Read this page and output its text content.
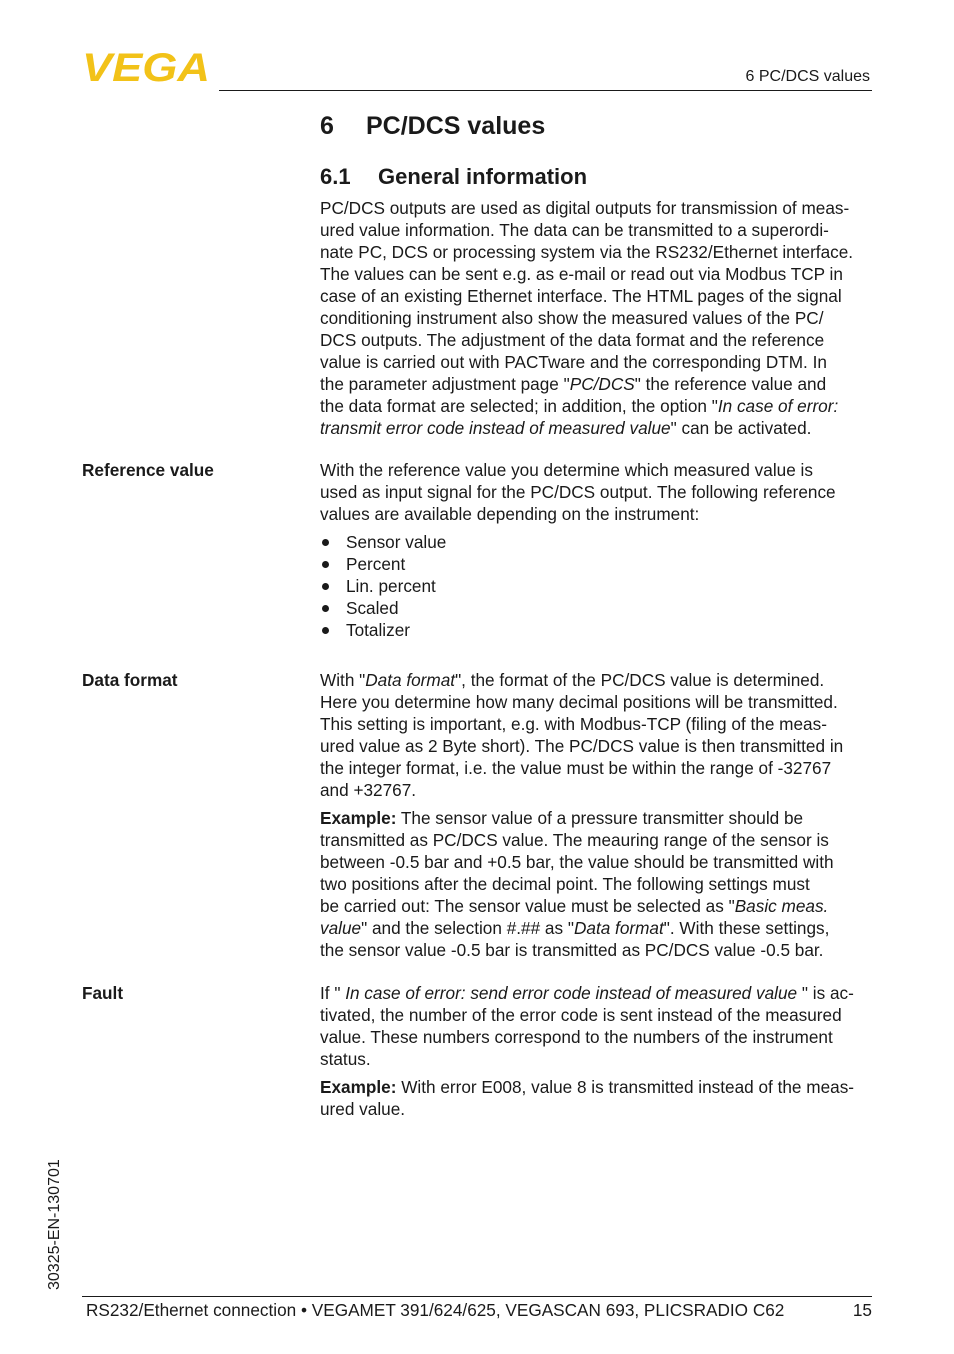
VEGA	6 PC/DCS values
6 PC/DCS values
6.1 General information
PC/DCS outputs are used as digital outputs for transmission of meas-
ured value information. The data can be transmitted to a superordi-
nate PC, DCS or processing system via the RS232/Ethernet interface.
The values can be sent e.g. as e-mail or read out via Modbus TCP in
case of an existing Ethernet interface. The HTML pages of the signal
conditioning instrument also show the measured values of the PC/
DCS outputs. The adjustment of the data format and the reference
value is carried out with PACTware and the corresponding DTM. In
the parameter adjustment page "PC/DCS" the reference value and
the data format are selected; in addition, the option "In case of error:
transmit error code instead of measured value" can be activated.
Reference value	With the reference value you determine which measured value is
used as input signal for the PC/DCS output. The following reference
values are available depending on the instrument:
Sensor value
Percent
Lin. percent
Scaled
Totalizer
Data format	With "Data format", the format of the PC/DCS value is determined.
Here you determine how many decimal positions will be transmitted.
This setting is important, e.g. with Modbus-TCP (filing of the meas-
ured value as 2 Byte short). The PC/DCS value is then transmitted in
the integer format, i.e. the value must be within the range of -32767
and +32767.
Example: The sensor value of a pressure transmitter should be
transmitted as PC/DCS value. The meauring range of the sensor is
between -0.5 bar and +0.5 bar, the value should be transmitted with
two positions after the decimal point. The following settings must
be carried out: The sensor value must be selected as "Basic meas.
value" and the selection #.## as "Data format". With these settings,
the sensor value -0.5 bar is transmitted as PC/DCS value -0.5 bar.
Fault	If " In case of error: send error code instead of measured value " is ac-
tivated, the number of the error code is sent instead of the measured
value. These numbers correspond to the numbers of the instrument
status.
Example: With error E008, value 8 is transmitted instead of the meas-
ured value.
30325-EN-130701
RS232/Ethernet connection • VEGAMET 391/624/625, VEGASCAN 693, PLICSRADIO C62	15
